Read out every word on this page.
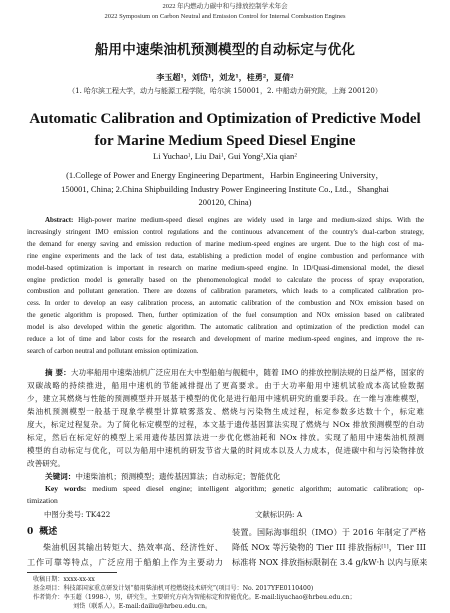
2022 年内燃动力碳中和与排放控制学术年会
2022 Symposium on Carbon Neutral and Emission Control for Internal Combustion Engines
船用中速柴油机预测模型的自动标定与优化
李玉超$^1$，刘岱$^1$，刘龙$^1$，桂勇$^2$，夏倩$^2$
（1. 哈尔滨工程大学，动力与能源工程学院，哈尔滨 150001，2. 中船动力研究院，上海 200120）
Automatic Calibration and Optimization of Predictive Model
for Marine Medium Speed Diesel Engine
Li Yuchao$^1$, Liu Dai$^1$, Gui Yong$^2$,Xia qian$^2$
(1.College of Power and Energy Engineering Department，Harbin Engineering University，
150001, China; 2.China Shipbuilding Industry Power Engineering Institute Co., Ltd.，Shanghai
200120, China)
Abstract: High-power marine medium-speed diesel engines are widely used in large and medium-sized ships. With the
increasingly stringent IMO emission control regulations and the continuous advancement of the country's dual-carbon strategy,
the demand for energy saving and emission reduction of marine medium-speed engines are urgent. Due to the high cost of ma-
rine engine experiments and the lack of test data, establishing a prediction model of engine combustion and performance with
model-based optimization is important in research on marine medium-speed engine. In 1D/Quasi-dimensional model, the diesel
engine prediction model is generally based on the phenomenological model to calculate the process of spray evaporation,
combustion and pollutant generation. There are dozens of calibration parameters, which leads to a complicated calibration pro-
cess. In order to develop an easy calibration process, an automatic calibration of the combustion and NOx emission based on
the genetic algorithm is proposed. Then, further optimization of the fuel consumption and NOx emission based on calibrated
model is also developed within the genetic algorithm. The automatic calibration and optimization of the prediction model can
reduce a lot of time and labor costs for the research and development of marine medium-speed engines, and improve the re-
search of carbon neutral and pollutant emission optimization.
摘 要：大功率船用中速柴油机广泛应用在大中型船舶与舰艇中，随着 IMO 的排放控制法规的日益严格，国家的
双碳战略的持续推进，船用中速机的节能减排提出了更高要求。由于大功率船用中速机试验成本高试验数据
少，建立其燃烧与性能的预测模型并开展基于模型的优化是进行船用中速机研究的重要手段。在一维与准维模型，
柴油机预测模型一般基于现象学模型计算喷雾蒸发、燃烧与污染物生成过程，标定参数多达数十个，标定难
度大，标定过程复杂。为了简化标定模型的过程，本文基于遗传基因算法实现了燃烧与 NOx 排放预测模型的自动
标定，然后在标定好的模型上采用遗传基因算法进一步优化燃油耗和 NOx 排放。实现了船用中速柴油机预测
模型的自动标定与优化，可以为船用中速机的研发节省大量的时间成本以及人力成本，促进碳中和与污染物排放
改善研究。
关键词：中速柴油机；预测模型；遗传基因算法；自动标定；智能优化
Key words: medium speed diesel engine; intelligent algorithm; genetic algorithm; automatic calibration; op-
timization
中图分类号: TK422	文献标识码: A
0 概述
柴油机因其输出转矩大、热效率高、经济性好、
工作可靠等特点，广泛应用于船舶上作为主要动力
装置。国际海事组织（IMO）于 2016 年制定了严格
降低 NOx 等污染物的 Tier III 排放指标[1]，Tier III
标准将 NOX 排放指标限制在 3.4 g/kW·h 以内与原来
收稿日期：xxxx-xx-xx
基金项目：科技部国家重点研发计划“船用柴油机可控燃烧技术研究”(项目号：No. 2017YFE0110400)
作者简介：李玉超（1998-），男，研究生，主要研究方向为智能标定和智能优化。E-mail:liyuchao@hrbeu.edu.cn；
刘岱（联系人）。E-mail:dailiu@hrbeu.edu.cn。
